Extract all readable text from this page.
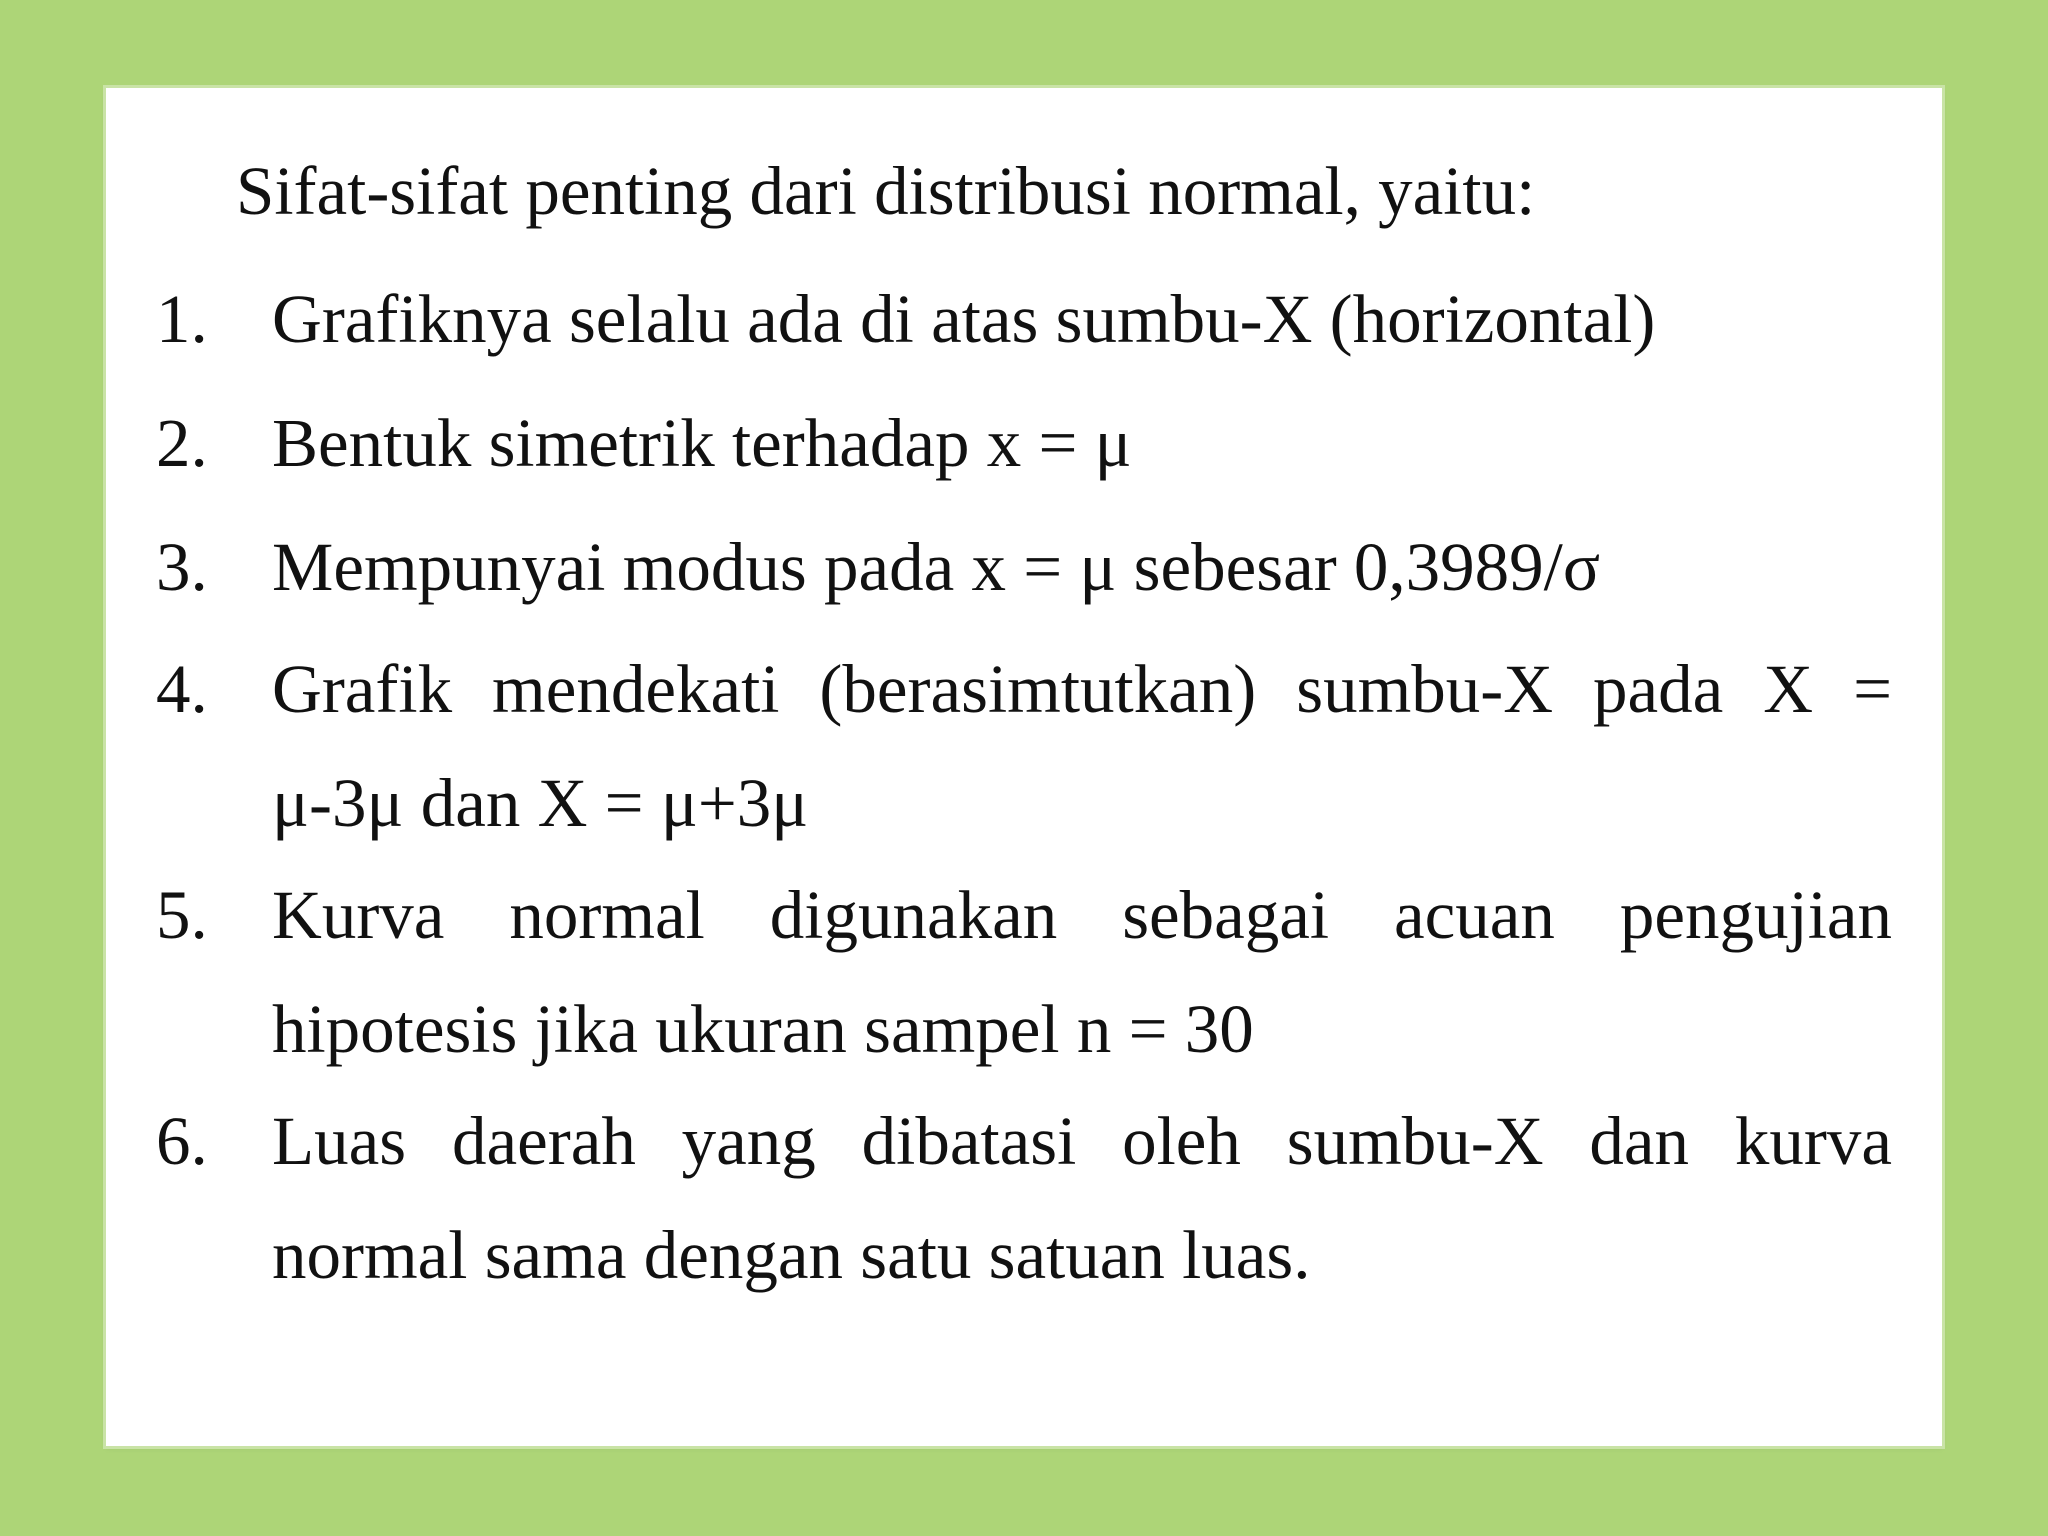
Sifat-sifat penting dari distribusi normal, yaitu:
1. Grafiknya selalu ada di atas sumbu-X (horizontal)
2. Bentuk simetrik terhadap x = μ
3. Mempunyai modus pada x = μ sebesar 0,3989/σ
4. Grafik mendekati (berasimtutkan) sumbu-X pada X = μ-3μ dan X = μ+3μ
5. Kurva normal digunakan sebagai acuan pengujian hipotesis jika ukuran sampel n = 30
6. Luas daerah yang dibatasi oleh sumbu-X dan kurva normal sama dengan satu satuan luas.
